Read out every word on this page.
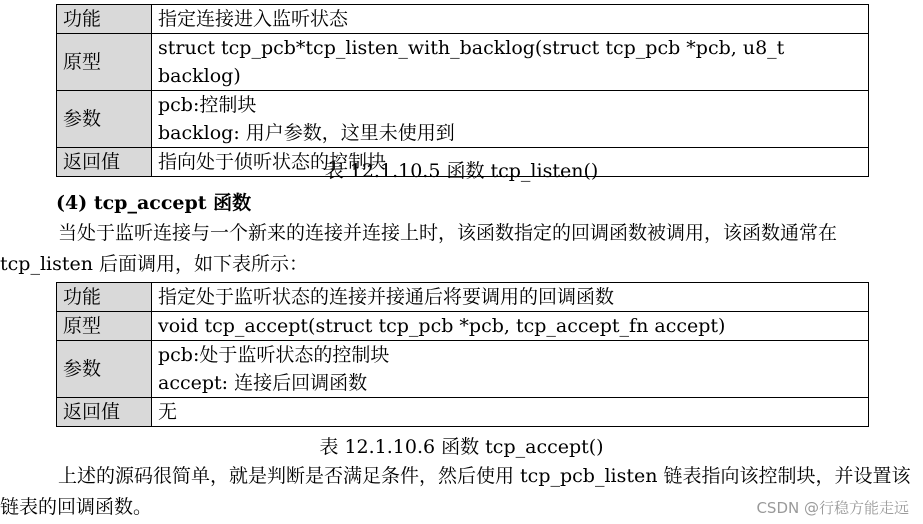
功能	指定连接进入监听状态
原型	struct tcp_pcb*tcp_listen_with_backlog(struct tcp_pcb *pcb, u8_t backlog)
参数	pcb:控制块
backlog: 用户参数，这里未使用到

返回值	指向处于侦听状态的控制块
表 12.1.10.5 函数 tcp_listen()
(4) tcp_accept 函数
当处于监听连接与一个新来的连接并连接上时，该函数指定的回调函数被调用，该函数通常在 tcp_listen 后面调用，如下表所示：
功能	指定处于监听状态的连接并接通后将要调用的回调函数
原型	void tcp_accept(struct tcp_pcb *pcb, tcp_accept_fn accept)
参数	pcb:处于监听状态的控制块
accept: 连接后回调函数

返回值	无
表 12.1.10.6 函数 tcp_accept()
上述的源码很简单，就是判断是否满足条件，然后使用 tcp_pcb_listen 链表指向该控制块，并设置该链表的回调函数。	CSDN @行稳方能走远
